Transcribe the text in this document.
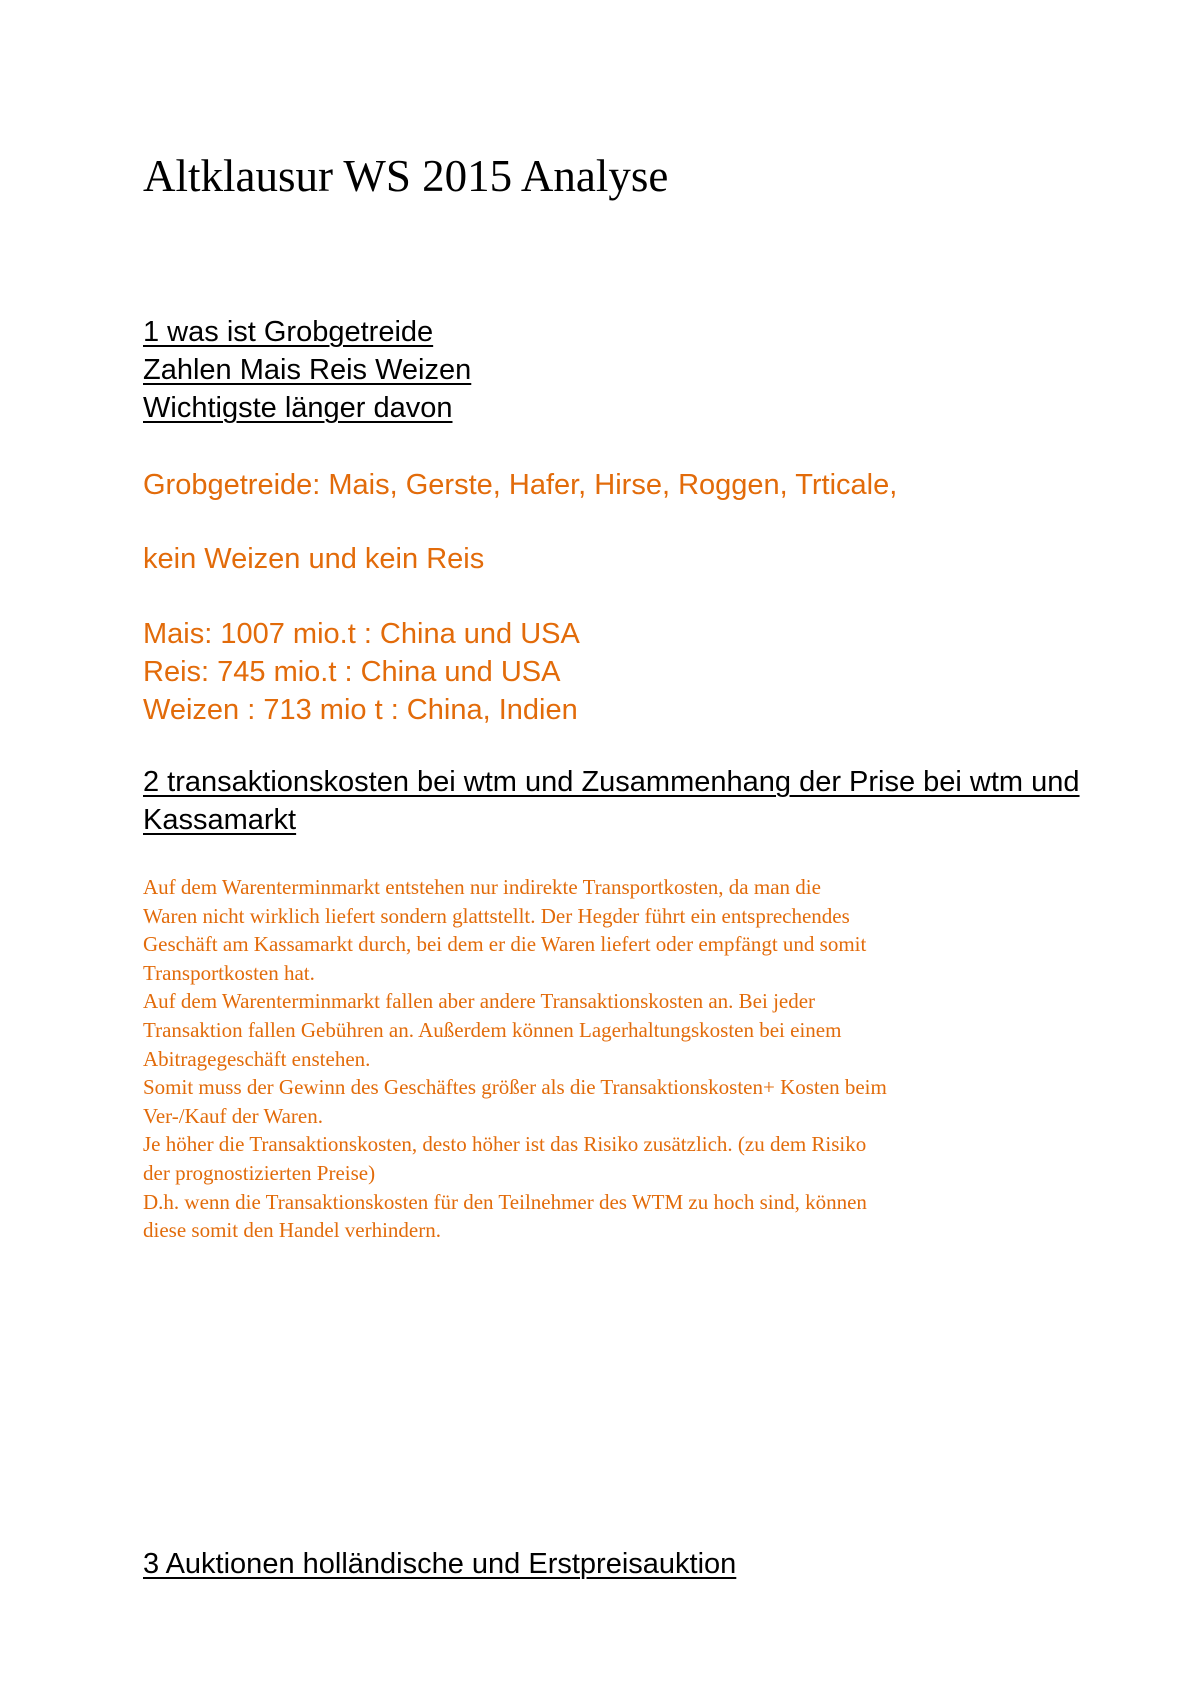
Altklausur WS 2015 Analyse
1 was ist Grobgetreide
Zahlen Mais Reis Weizen
Wichtigste länger davon

Grobgetreide: Mais, Gerste, Hafer, Hirse, Roggen, Trticale,

kein Weizen und kein Reis

Mais: 1007 mio.t : China und USA
Reis: 745 mio.t : China und USA
Weizen : 713 mio t : China, Indien
2 transaktionskosten bei wtm und Zusammenhang der Prise bei wtm und Kassamarkt
Auf dem Warenterminmarkt entstehen nur indirekte Transportkosten, da man die
Waren nicht wirklich liefert sondern glattstellt. Der Hegder führt ein entsprechendes
Geschäft am Kassamarkt durch, bei dem er die Waren liefert oder empfängt und somit
Transportkosten hat.
Auf dem Warenterminmarkt fallen aber andere Transaktionskosten an. Bei jeder
Transaktion fallen Gebühren an. Außerdem können Lagerhaltungskosten bei einem
Abitragegeschäft enstehen.
Somit muss der Gewinn des Geschäftes größer als die Transaktionskosten+ Kosten beim
Ver-/Kauf der Waren.
Je höher die Transaktionskosten, desto höher ist das Risiko zusätzlich. (zu dem Risiko
der prognostizierten Preise)
D.h. wenn die Transaktionskosten für den Teilnehmer des WTM zu hoch sind, können
diese somit den Handel verhindern.
3 Auktionen holländische und Erstpreisauktion
